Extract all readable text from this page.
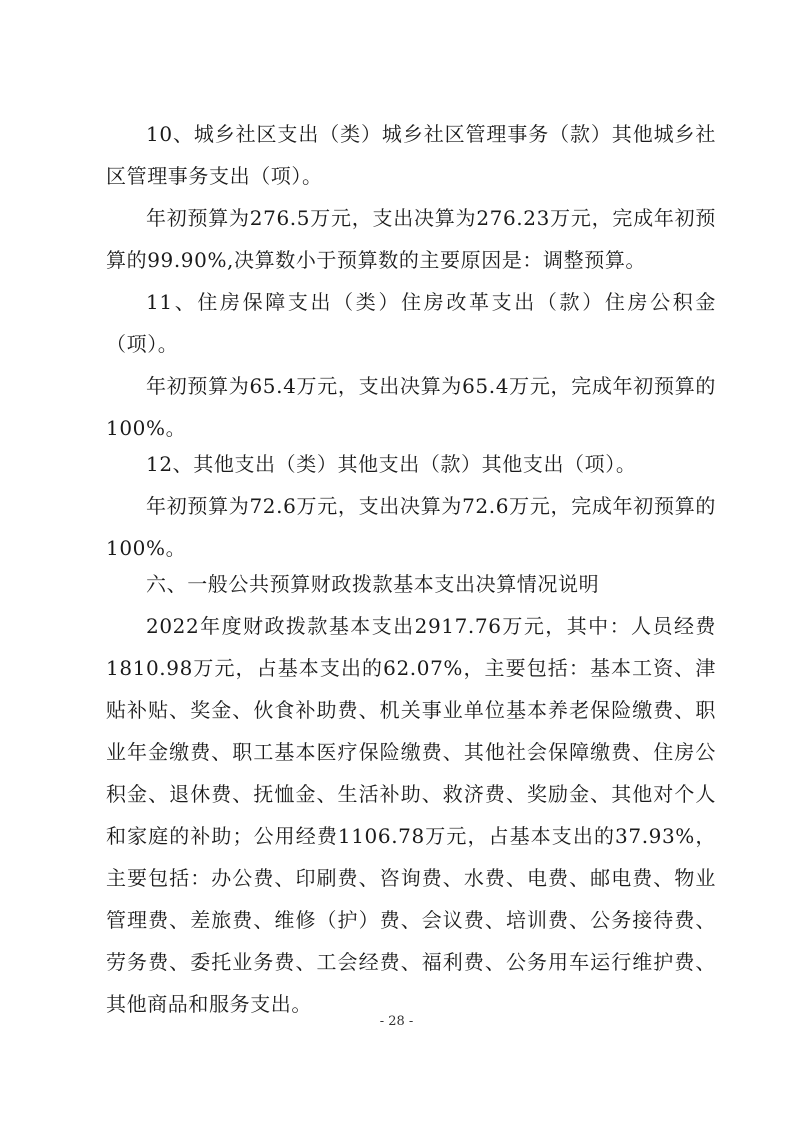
10、城乡社区支出（类）城乡社区管理事务（款）其他城乡社区管理事务支出（项）。

年初预算为276.5万元，支出决算为276.23万元，完成年初预算的99.90%,决算数小于预算数的主要原因是：调整预算。

11、住房保障支出（类）住房改革支出（款）住房公积金（项）。

年初预算为65.4万元，支出决算为65.4万元，完成年初预算的100%。

12、其他支出（类）其他支出（款）其他支出（项）。

年初预算为72.6万元，支出决算为72.6万元，完成年初预算的100%。

六、一般公共预算财政拨款基本支出决算情况说明

2022年度财政拨款基本支出2917.76万元，其中：人员经费1810.98万元，占基本支出的62.07%，主要包括：基本工资、津贴补贴、奖金、伙食补助费、机关事业单位基本养老保险缴费、职业年金缴费、职工基本医疗保险缴费、其他社会保障缴费、住房公积金、退休费、抚恤金、生活补助、救济费、奖励金、其他对个人和家庭的补助；公用经费1106.78万元，占基本支出的37.93%，主要包括：办公费、印刷费、咨询费、水费、电费、邮电费、物业管理费、差旅费、维修（护）费、会议费、培训费、公务接待费、劳务费、委托业务费、工会经费、福利费、公务用车运行维护费、其他商品和服务支出。

- 28 -
